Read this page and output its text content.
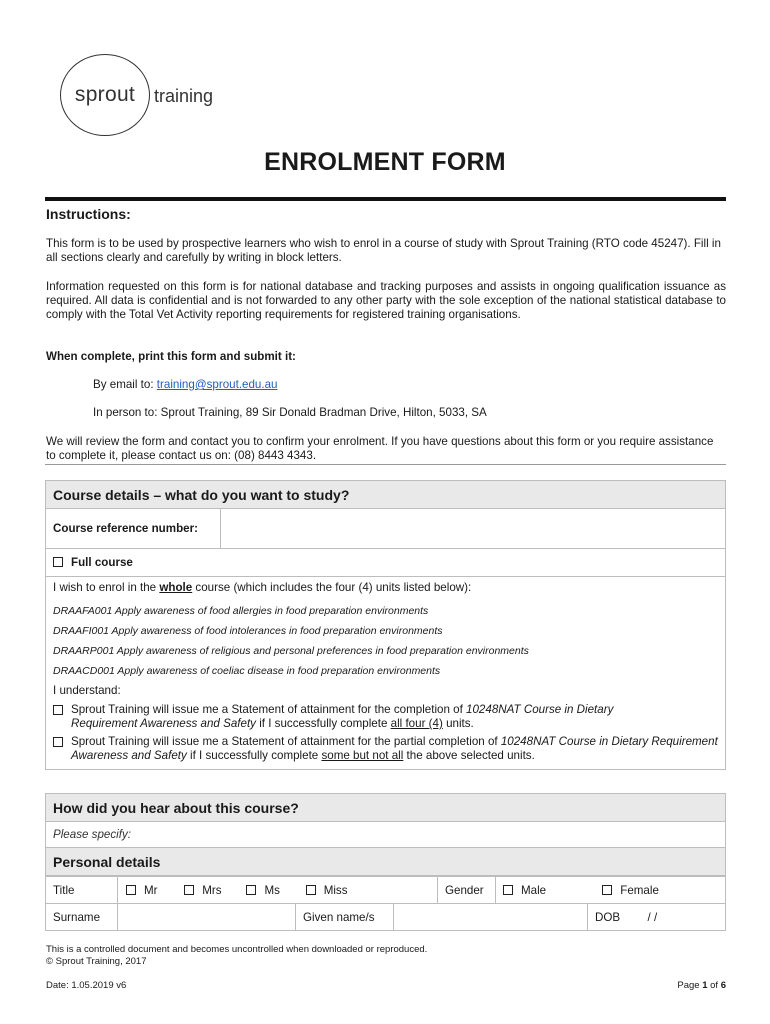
sprout training
ENROLMENT FORM
Instructions:

This form is to be used by prospective learners who wish to enrol in a course of study with Sprout Training (RTO code 45247). Fill in all sections clearly and carefully by writing in block letters.

Information requested on this form is for national database and tracking purposes and assists in ongoing qualification issuance as required. All data is confidential and is not forwarded to any other party with the sole exception of the national statistical database to comply with the Total Vet Activity reporting requirements for registered training organisations.

When complete, print this form and submit it:

By email to: training@sprout.edu.au

In person to: Sprout Training, 89 Sir Donald Bradman Drive, Hilton, 5033, SA

We will review the form and contact you to confirm your enrolment. If you have questions about this form or you require assistance to complete it, please contact us on: (08) 8443 4343.

Course details – what do you want to study?
Course reference number:	
Full course

I wish to enrol in the whole course (which includes the four (4) units listed below):
DRAAFA001 Apply awareness of food allergies in food preparation environments
DRAAFI001 Apply awareness of food intolerances in food preparation environments
DRAARP001 Apply awareness of religious and personal preferences in food preparation environments
DRAACD001 Apply awareness of coeliac disease in food preparation environments
I understand:
Sprout Training will issue me a Statement of attainment for the completion of 10248NAT Course in Dietary Requirement Awareness and Safety if I successfully complete all four (4) units.
Sprout Training will issue me a Statement of attainment for the partial completion of 10248NAT Course in Dietary Requirement Awareness and Safety if I successfully complete some but not all the above selected units.
How did you hear about this course?
Please specify:
Personal details
Title	Mr	Mrs	Ms	Miss	Gender	Male	Female
Surname		Given name/s		DOB	/ /
This is a controlled document and becomes uncontrolled when downloaded or reproduced.
© Sprout Training, 2017
Date: 1.05.2019 v6	Page 1 of 6
